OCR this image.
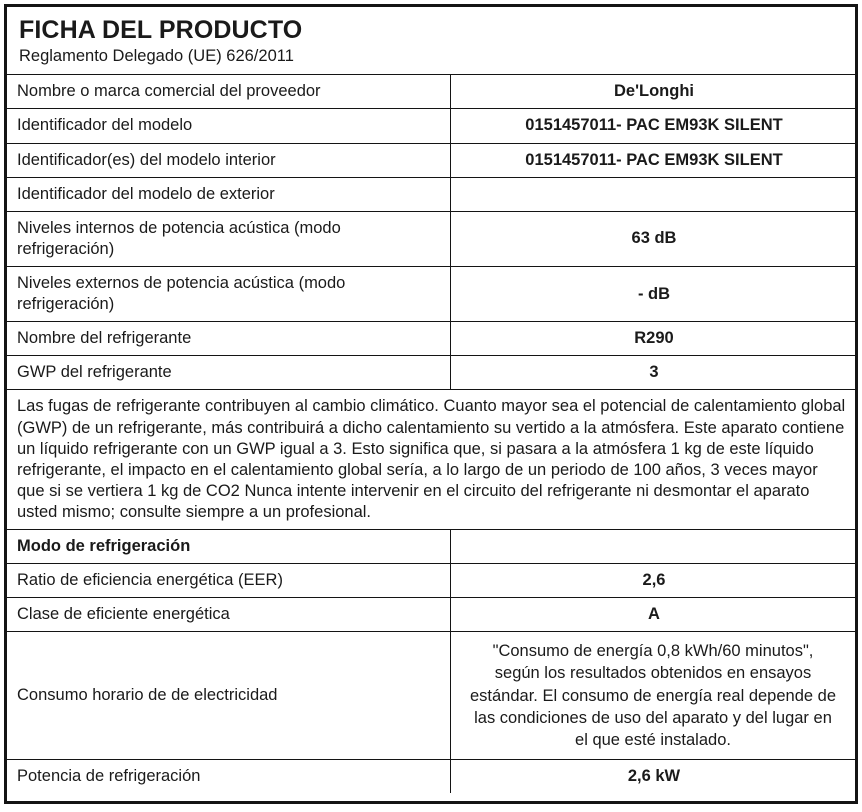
FICHA DEL PRODUCTO
Reglamento Delegado (UE) 626/2011
Nombre o marca comercial del proveedor	De'Longhi
Identificador del modelo	0151457011- PAC EM93K SILENT
Identificador(es) del modelo interior	0151457011- PAC EM93K SILENT
Identificador del modelo de exterior	
Niveles internos de potencia acústica (modo refrigeración)	63 dB
Niveles externos de potencia acústica (modo refrigeración)	- dB
Nombre del refrigerante	R290
GWP del refrigerante	3
Las fugas de refrigerante contribuyen al cambio climático. Cuanto mayor sea el potencial de calentamiento global (GWP) de un refrigerante, más contribuirá a dicho calentamiento su vertido a la atmósfera. Este aparato contiene un líquido refrigerante con un GWP igual a 3. Esto significa que, si pasara a la atmósfera 1 kg de este líquido refrigerante, el impacto en el calentamiento global sería, a lo largo de un periodo de 100 años, 3 veces mayor que si se vertiera 1 kg de CO2 Nunca intente intervenir en el circuito del refrigerante ni desmontar el aparato usted mismo; consulte siempre a un profesional.	
Modo de refrigeración	
Ratio de eficiencia energética (EER)	2,6
Clase de eficiente energética	A
Consumo horario de de electricidad	"Consumo de energía 0,8 kWh/60 minutos", según los resultados obtenidos en ensayos estándar. El consumo de energía real depende de las condiciones de uso del aparato y del lugar en el que esté instalado.
Potencia de refrigeración	2,6 kW
